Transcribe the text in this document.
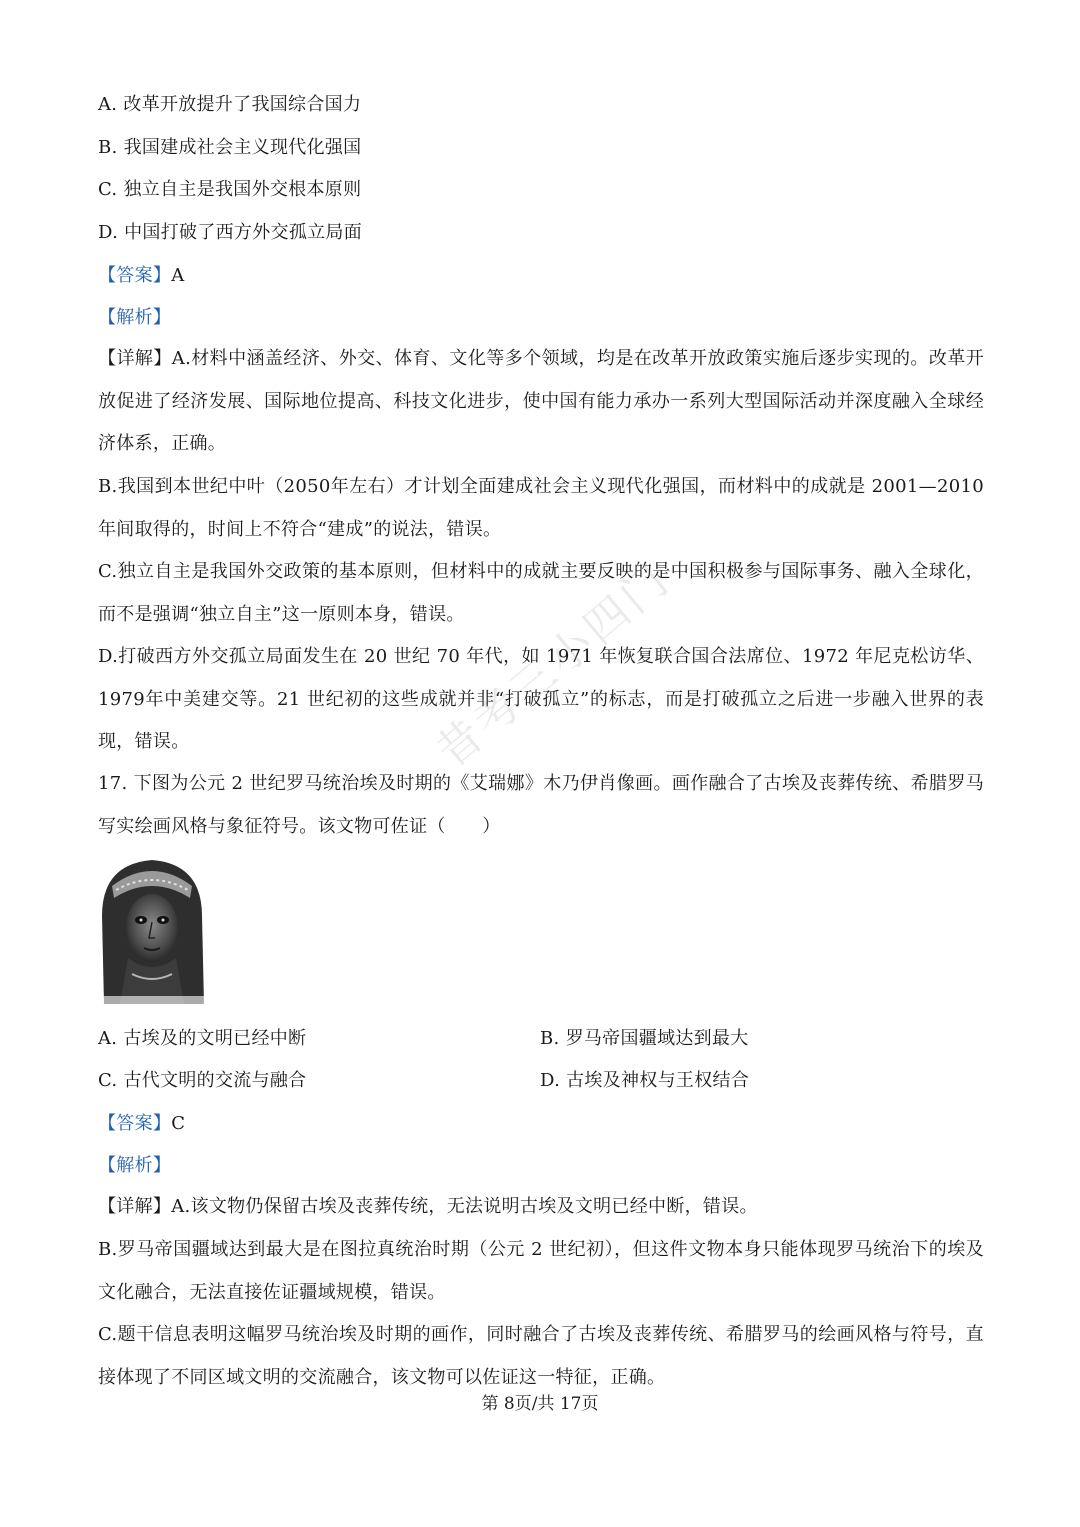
A. 改革开放提升了我国综合国力
B. 我国建成社会主义现代化强国
C. 独立自主是我国外交根本原则
D. 中国打破了西方外交孤立局面
【答案】A
【解析】
【详解】A.材料中涵盖经济、外交、体育、文化等多个领域，均是在改革开放政策实施后逐步实现的。改革开放促进了经济发展、国际地位提高、科技文化进步，使中国有能力承办一系列大型国际活动并深度融入全球经济体系，正确。
B.我国到本世纪中叶（2050年左右）才计划全面建成社会主义现代化强国，而材料中的成就是 2001—2010年间取得的，时间上不符合“建成”的说法，错误。
C.独立自主是我国外交政策的基本原则，但材料中的成就主要反映的是中国积极参与国际事务、融入全球化，而不是强调“独立自主”这一原则本身，错误。
D.打破西方外交孤立局面发生在 20 世纪 70 年代，如 1971 年恢复联合国合法席位、1972 年尼克松访华、1979年中美建交等。21 世纪初的这些成就并非“打破孤立”的标志，而是打破孤立之后进一步融入世界的表现，错误。
17. 下图为公元 2 世纪罗马统治埃及时期的《艾瑞娜》木乃伊肖像画。画作融合了古埃及丧葬传统、希腊罗马写实绘画风格与象征符号。该文物可佐证（　　）
A. 古埃及的文明已经中断	B. 罗马帝国疆域达到最大
C. 古代文明的交流与融合	D. 古埃及神权与王权结合
【答案】C
【解析】
【详解】A.该文物仍保留古埃及丧葬传统，无法说明古埃及文明已经中断，错误。
B.罗马帝国疆域达到最大是在图拉真统治时期（公元 2 世纪初），但这件文物本身只能体现罗马统治下的埃及文化融合，无法直接佐证疆域规模，错误。
C.题干信息表明这幅罗马统治埃及时期的画作，同时融合了古埃及丧葬传统、希腊罗马的绘画风格与符号，直接体现了不同区域文明的交流融合，该文物可以佐证这一特征，正确。
第 8页/共 17页
昔考三小四门
